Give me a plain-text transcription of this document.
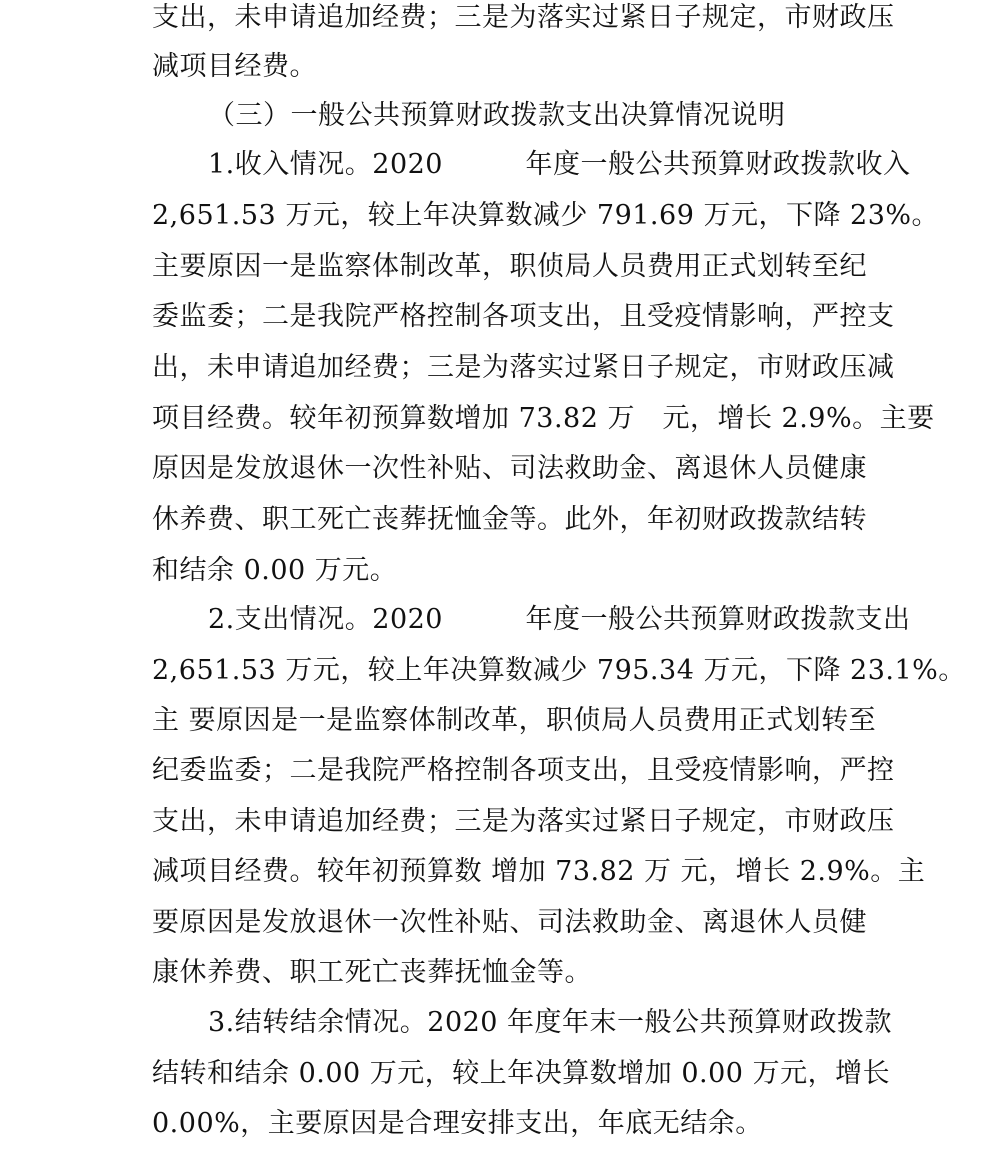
支出，未申请追加经费；三是为落实过紧日子规定，市财政压
减项目经费。
（三）一般公共预算财政拨款支出决算情况说明
1.收入情况。2020　　　年度一般公共预算财政拨款收入
2,651.53 万元，较上年决算数减少 791.69 万元，下降 23%。
主要原因一是监察体制改革，职侦局人员费用正式划转至纪
委监委；二是我院严格控制各项支出，且受疫情影响，严控支
出，未申请追加经费；三是为落实过紧日子规定，市财政压减
项目经费。较年初预算数增加 73.82 万　元，增长 2.9%。主要
原因是发放退休一次性补贴、司法救助金、离退休人员健康
休养费、职工死亡丧葬抚恤金等。此外，年初财政拨款结转
和结余 0.00 万元。
2.支出情况。2020　　　年度一般公共预算财政拨款支出
2,651.53 万元，较上年决算数减少 795.34 万元，下降 23.1%。
主 要原因是一是监察体制改革，职侦局人员费用正式划转至
纪委监委；二是我院严格控制各项支出，且受疫情影响，严控
支出，未申请追加经费；三是为落实过紧日子规定，市财政压
减项目经费。较年初预算数 增加 73.82 万 元，增长 2.9%。主
要原因是发放退休一次性补贴、司法救助金、离退休人员健
康休养费、职工死亡丧葬抚恤金等。
3.结转结余情况。2020 年度年末一般公共预算财政拨款
结转和结余 0.00 万元，较上年决算数增加 0.00 万元，增长
0.00%，主要原因是合理安排支出，年底无结余。
